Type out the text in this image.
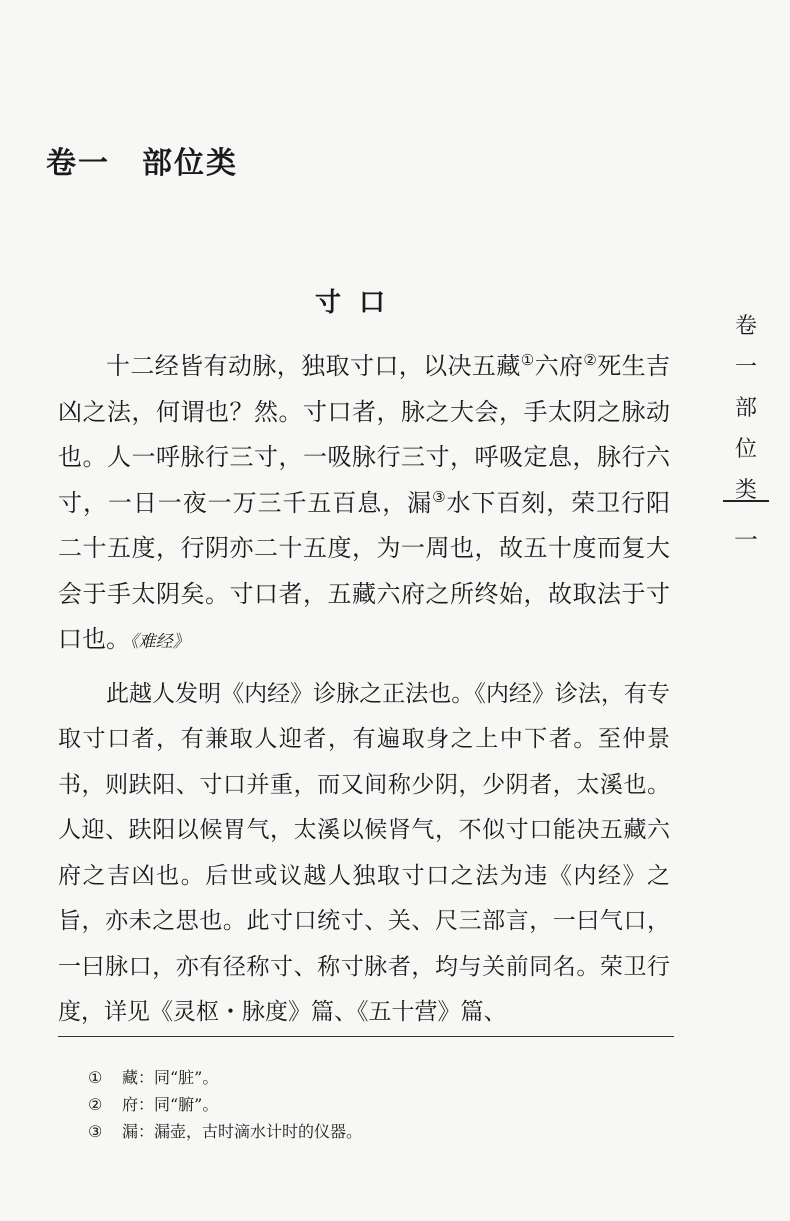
卷一 部位类
寸 口

十二经皆有动脉，独取寸口，以决五藏①六府②死生吉凶之法，何谓也？然。寸口者，脉之大会，手太阴之脉动也。人一呼脉行三寸，一吸脉行三寸，呼吸定息，脉行六寸，一日一夜一万三千五百息，漏③水下百刻，荣卫行阳二十五度，行阴亦二十五度，为一周也，故五十度而复大会于手太阴矣。寸口者，五藏六府之所终始，故取法于寸口也。《难经》

此越人发明《内经》诊脉之正法也。《内经》诊法，有专取寸口者，有兼取人迎者，有遍取身之上中下者。至仲景书，则趺阳、寸口并重，而又间称少阴，少阴者，太溪也。人迎、趺阳以候胃气，太溪以候肾气，不似寸口能决五藏六府之吉凶也。后世或议越人独取寸口之法为违《内经》之旨，亦未之思也。此寸口统寸、关、尺三部言，一曰气口，一曰脉口，亦有径称寸、称寸脉者，均与关前同名。荣卫行度，详见《灵枢・脉度》篇、《五十营》篇、

卷
一
部
位
类
一
① 藏：同“脏”。
② 府：同“腑”。
③ 漏：漏壶，古时滴水计时的仪器。
